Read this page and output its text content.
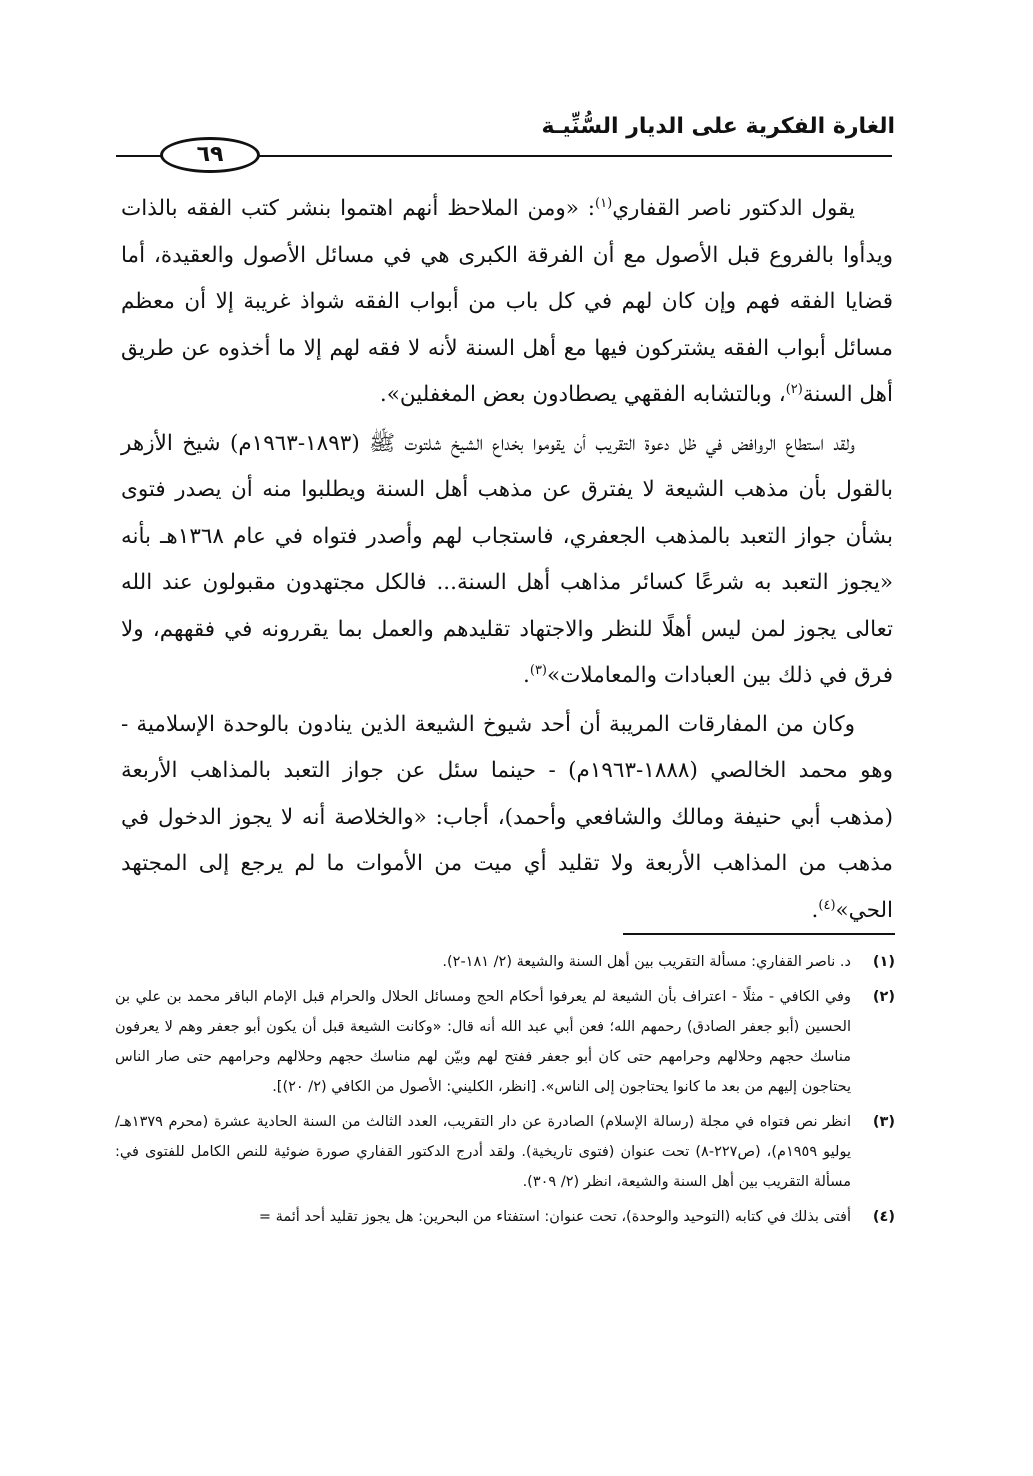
الغارة الفكرية على الديار السُّنِّيـة
٦٩

يقول الدكتور ناصر القفاري$^{(١)}$: «ومن الملاحظ أنهم اهتموا بنشر كتب الفقه بالذات ويدأوا بالفروع قبل الأصول مع أن الفرقة الكبرى هي في مسائل الأصول والعقيدة، أما قضايا الفقه فهم وإن كان لهم في كل باب من أبواب الفقه شواذ غريبة إلا أن معظم مسائل أبواب الفقه يشتركون فيها مع أهل السنة لأنه لا فقه لهم إلا ما أخذوه عن طريق أهل السنة$^{(٢)}$، وبالتشابه الفقهي يصطادون بعض المغفلين».

ولقد استطاع الروافض في ظل دعوة التقريب أن يقوموا بخداع الشيخ شلتوت ﷺ (١٨٩٣-١٩٦٣م) شيخ الأزهر بالقول بأن مذهب الشيعة لا يفترق عن مذهب أهل السنة ويطلبوا منه أن يصدر فتوى بشأن جواز التعبد بالمذهب الجعفري، فاستجاب لهم وأصدر فتواه في عام ١٣٦٨هـ بأنه «يجوز التعبد به شرعًا كسائر مذاهب أهل السنة... فالكل مجتهدون مقبولون عند الله تعالى يجوز لمن ليس أهلًا للنظر والاجتهاد تقليدهم والعمل بما يقررونه في فقههم، ولا فرق في ذلك بين العبادات والمعاملات»$^{(٣)}$.

وكان من المفارقات المريبة أن أحد شيوخ الشيعة الذين ينادون بالوحدة الإسلامية - وهو محمد الخالصي (١٨٨٨-١٩٦٣م) - حينما سئل عن جواز التعبد بالمذاهب الأربعة (مذهب أبي حنيفة ومالك والشافعي وأحمد)، أجاب: «والخلاصة أنه لا يجوز الدخول في مذهب من المذاهب الأربعة ولا تقليد أي ميت من الأموات ما لم يرجع إلى المجتهد الحي»$^{(٤)}$.

(١)
د. ناصر القفاري: مسألة التقريب بين أهل السنة والشيعة (٢/ ١٨١-٢).
(٢)
وفي الكافي - مثلًا - اعتراف بأن الشيعة لم يعرفوا أحكام الحج ومسائل الحلال والحرام قبل الإمام الباقر محمد بن علي بن الحسين (أبو جعفر الصادق) رحمهم الله؛ فعن أبي عبد الله أنه قال: «وكانت الشيعة قبل أن يكون أبو جعفر وهم لا يعرفون مناسك حجهم وحلالهم وحرامهم حتى كان أبو جعفر ففتح لهم وبيّن لهم مناسك حجهم وحلالهم وحرامهم حتى صار الناس يحتاجون إليهم من بعد ما كانوا يحتاجون إلى الناس». [انظر، الكليني: الأصول من الكافي (٢/ ٢٠)].
(٣)
انظر نص فتواه في مجلة (رسالة الإسلام) الصادرة عن دار التقريب، العدد الثالث من السنة الحادية عشرة (محرم ١٣٧٩هـ/ يوليو ١٩٥٩م)، (ص٢٢٧-٨) تحت عنوان (فتوى تاريخية). ولقد أدرج الدكتور القفاري صورة ضوئية للنص الكامل للفتوى في: مسألة التقريب بين أهل السنة والشيعة، انظر (٢/ ٣٠٩).
(٤)
أفتى بذلك في كتابه (التوحيد والوحدة)، تحت عنوان: استفتاء من البحرين: هل يجوز تقليد أحد أئمة =
